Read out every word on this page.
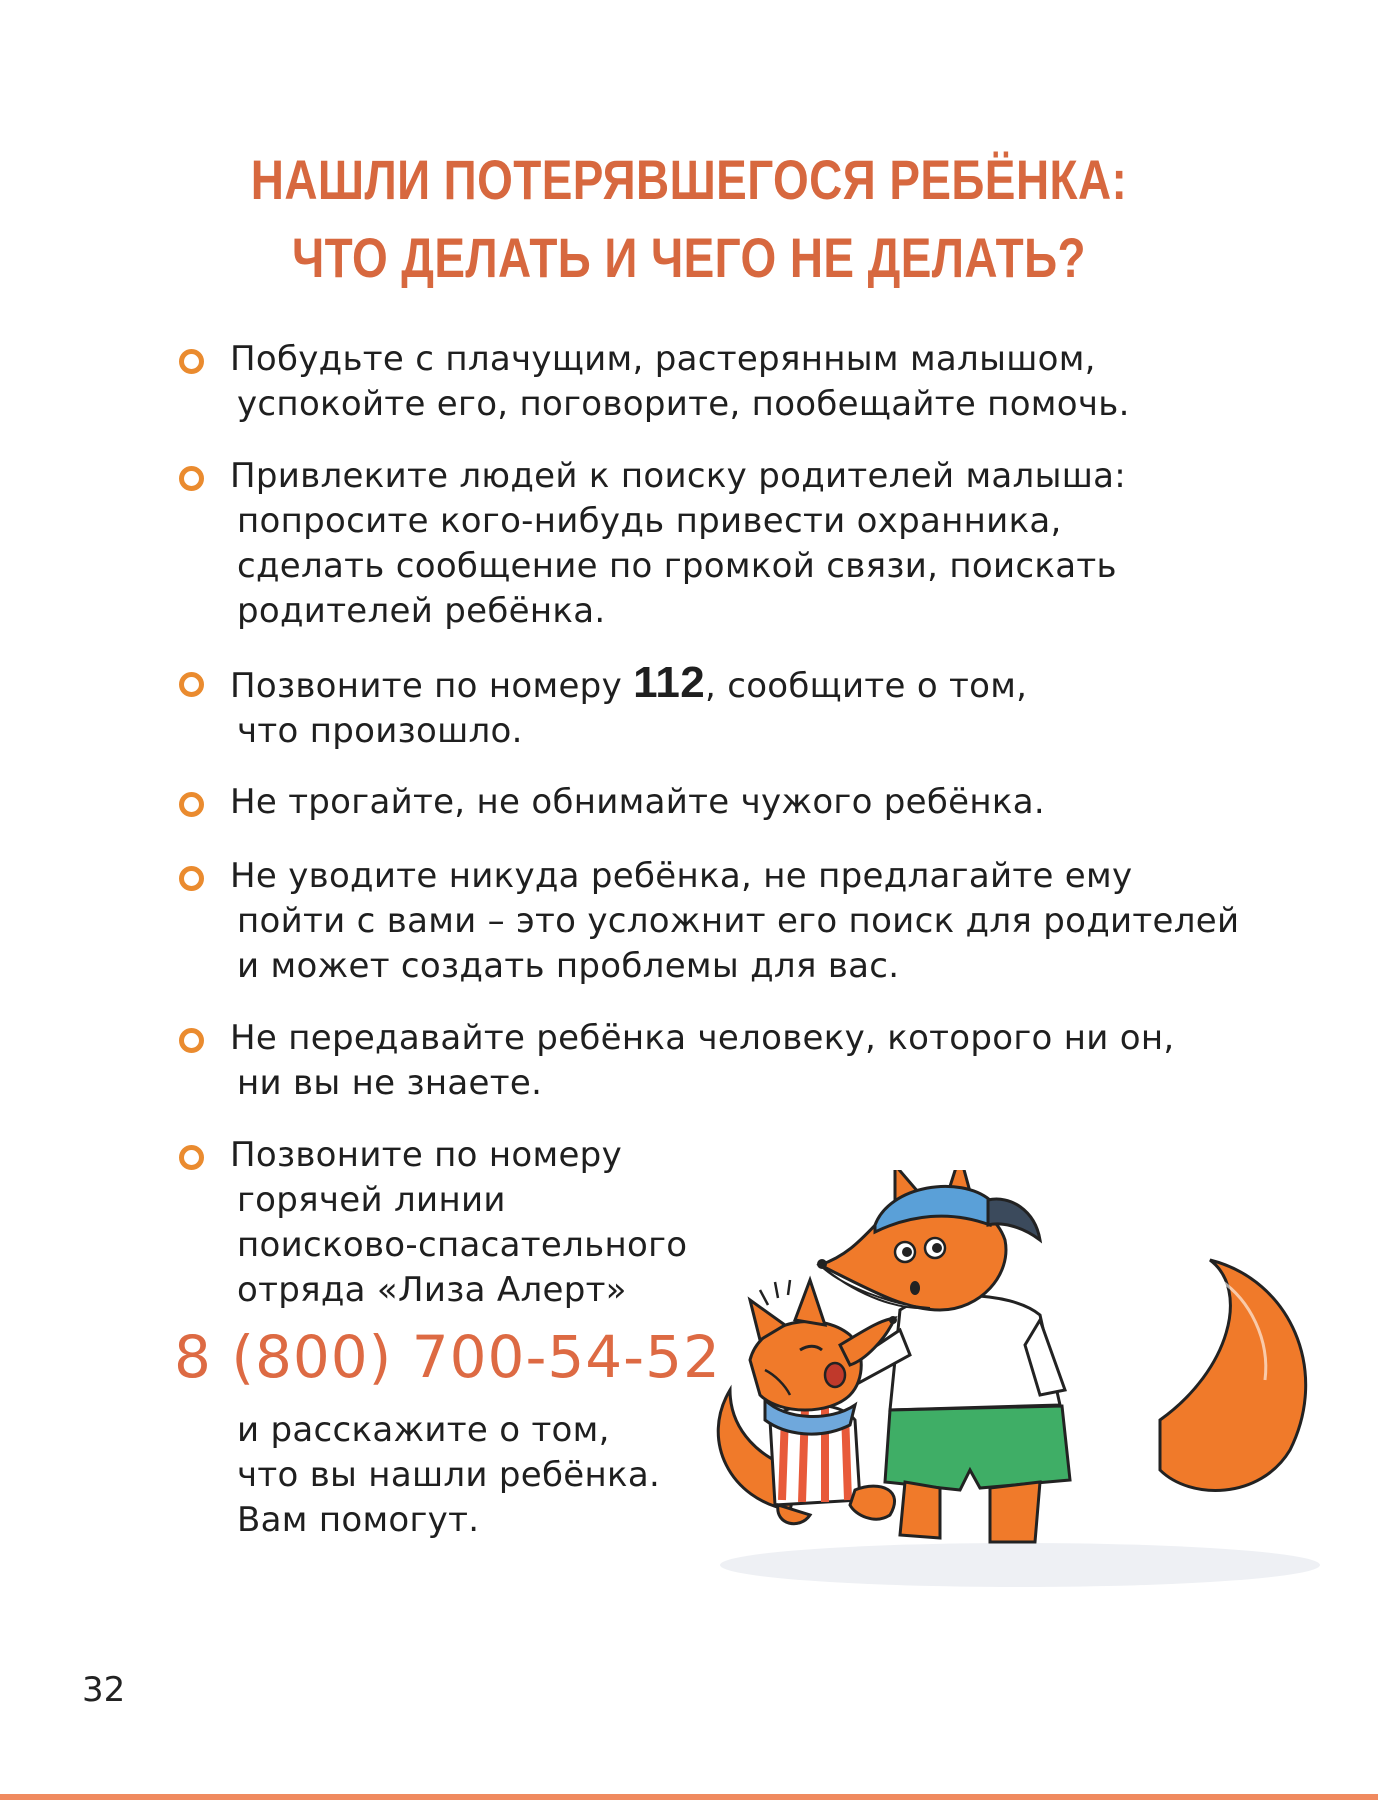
НАШЛИ ПОТЕРЯВШЕГОСЯ РЕБЁНКА:
ЧТО ДЕЛАТЬ И ЧЕГО НЕ ДЕЛАТЬ?
Побудьте с плачущим, растерянным малышом,
успокойте его, поговорите, пообещайте помочь.
Привлеките людей к поиску родителей малыша:
попросите кого-нибудь привести охранника,
сделать сообщение по громкой связи, поискать
родителей ребёнка.
Позвоните по номеру 112, сообщите о том,
что произошло.
Не трогайте, не обнимайте чужого ребёнка.
Не уводите никуда ребёнка, не предлагайте ему
пойти с вами – это усложнит его поиск для родителей
и может создать проблемы для вас.
Не передавайте ребёнка человеку, которого ни он,
ни вы не знаете.
Позвоните по номеру
горячей линии
поисково-спасательного
отряда «Лиза Алерт»
8 (800) 700-54-52
и расскажите о том,
что вы нашли ребёнка.
Вам помогут.
32
